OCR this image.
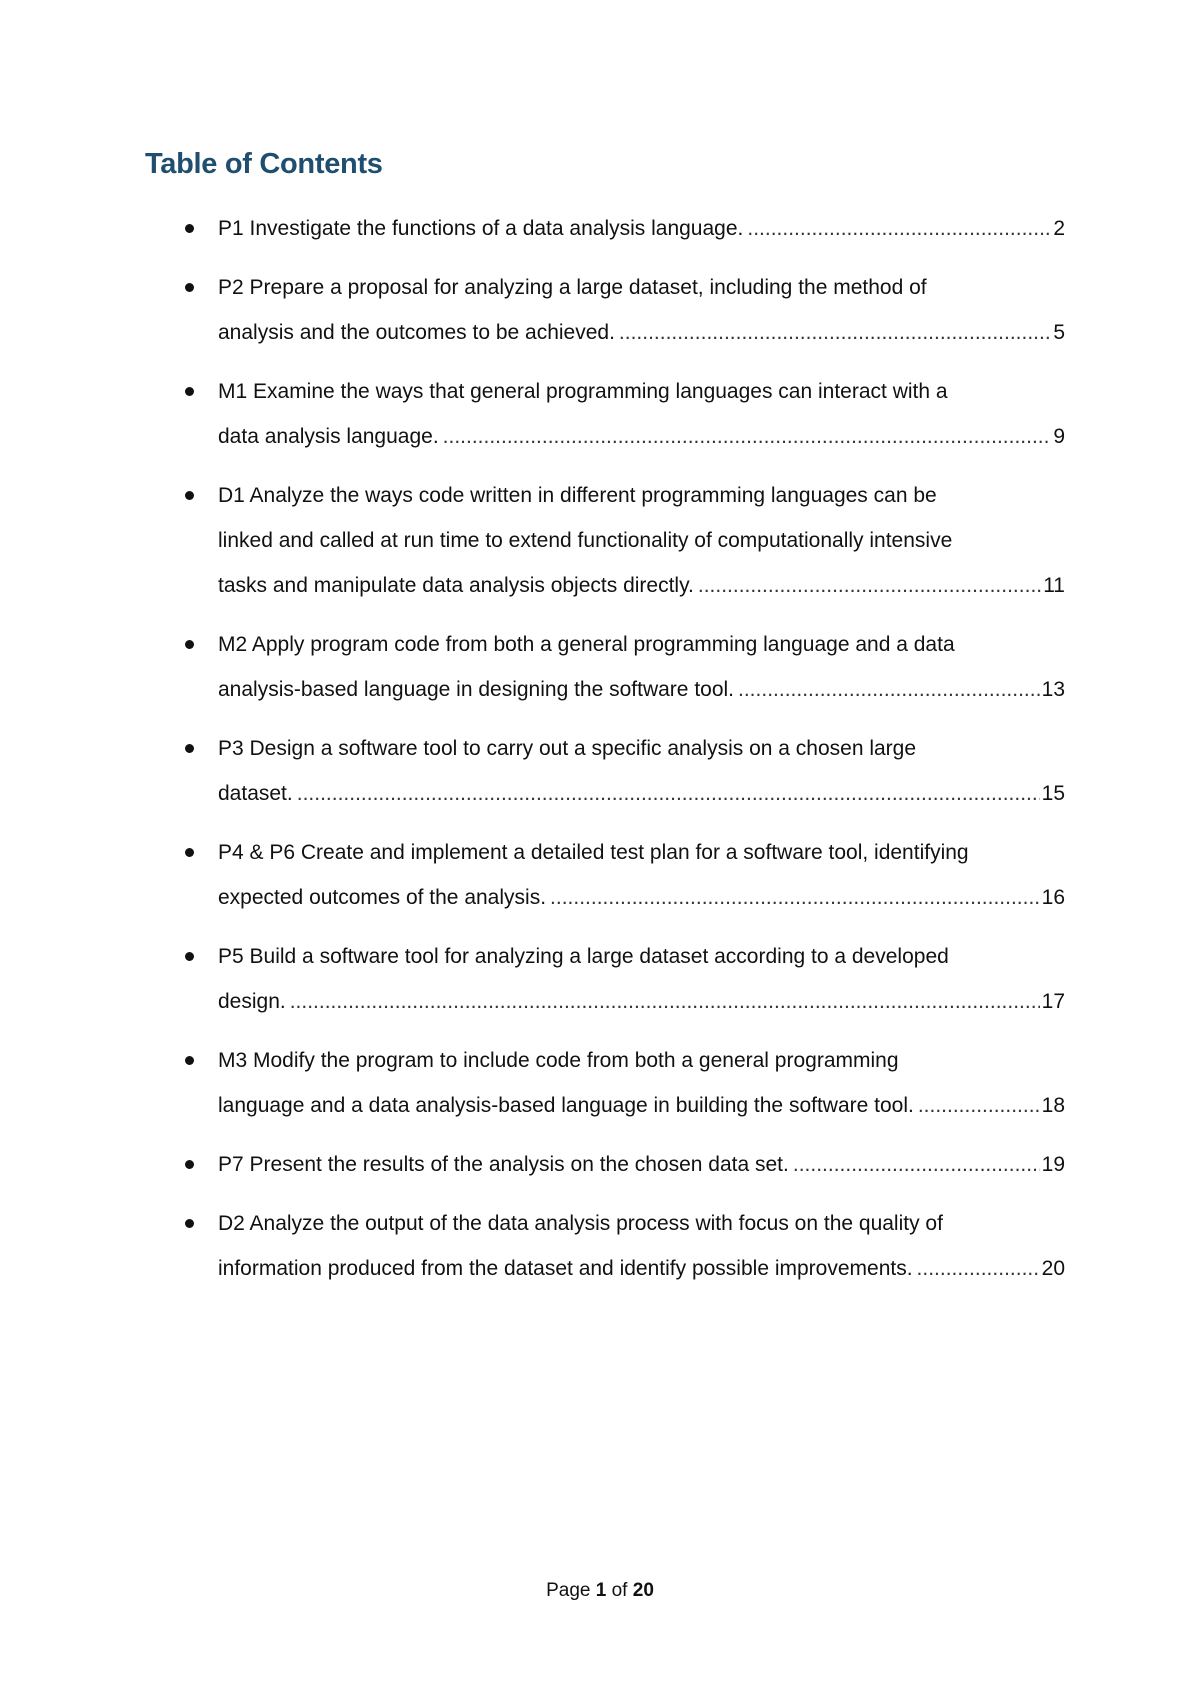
Table of Contents
P1 Investigate the functions of a data analysis language. .....	2
P2 Prepare a proposal for analyzing a large dataset, including the method of
analysis and the outcomes to be achieved. .....	5
M1 Examine the ways that general programming languages can interact with a
data analysis language. .....	9
D1 Analyze the ways code written in different programming languages can be
linked and called at run time to extend functionality of computationally intensive
tasks and manipulate data analysis objects directly. .....	11
M2 Apply program code from both a general programming language and a data
analysis-based language in designing the software tool. .....	13
P3 Design a software tool to carry out a specific analysis on a chosen large
dataset. .....	15
P4 & P6 Create and implement a detailed test plan for a software tool, identifying
expected outcomes of the analysis. .....	16
P5 Build a software tool for analyzing a large dataset according to a developed
design. .....	17
M3 Modify the program to include code from both a general programming
language and a data analysis-based language in building the software tool. .....	18
P7 Present the results of the analysis on the chosen data set. .....	19
D2 Analyze the output of the data analysis process with focus on the quality of
information produced from the dataset and identify possible improvements. .....	20
Page 1 of 20
